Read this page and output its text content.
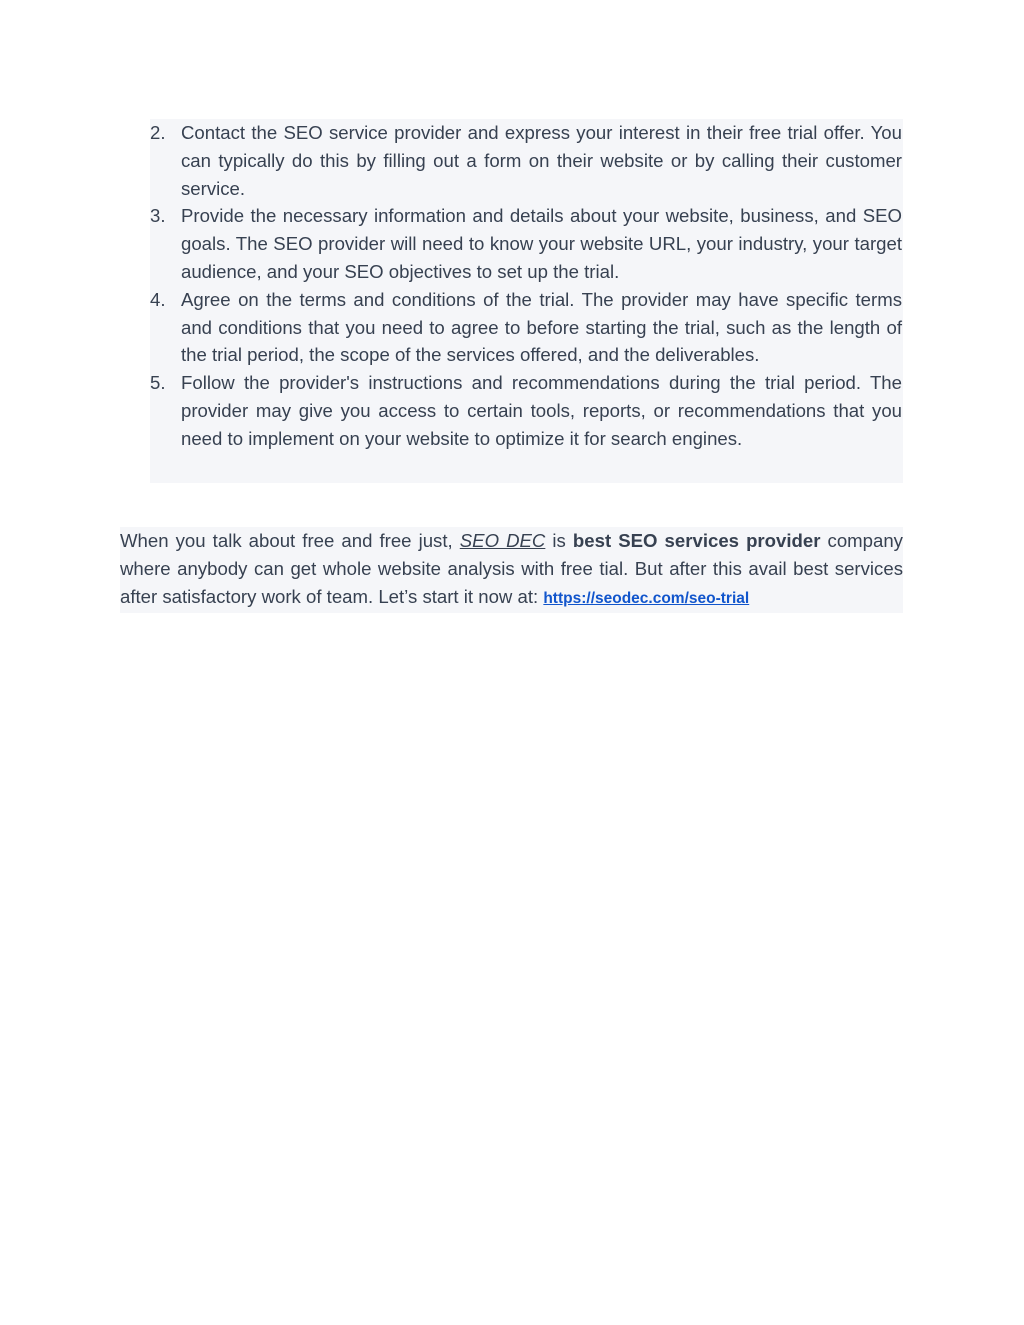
2. Contact the SEO service provider and express your interest in their free trial offer. You can typically do this by filling out a form on their website or by calling their customer service.
3. Provide the necessary information and details about your website, business, and SEO goals. The SEO provider will need to know your website URL, your industry, your target audience, and your SEO objectives to set up the trial.
4. Agree on the terms and conditions of the trial. The provider may have specific terms and conditions that you need to agree to before starting the trial, such as the length of the trial period, the scope of the services offered, and the deliverables.
5. Follow the provider's instructions and recommendations during the trial period. The provider may give you access to certain tools, reports, or recommendations that you need to implement on your website to optimize it for search engines.

When you talk about free and free just, SEO DEC is best SEO services provider company where anybody can get whole website analysis with free tial. But after this avail best services after satisfactory work of team. Let’s start it now at: https://seodec.com/seo-trial
